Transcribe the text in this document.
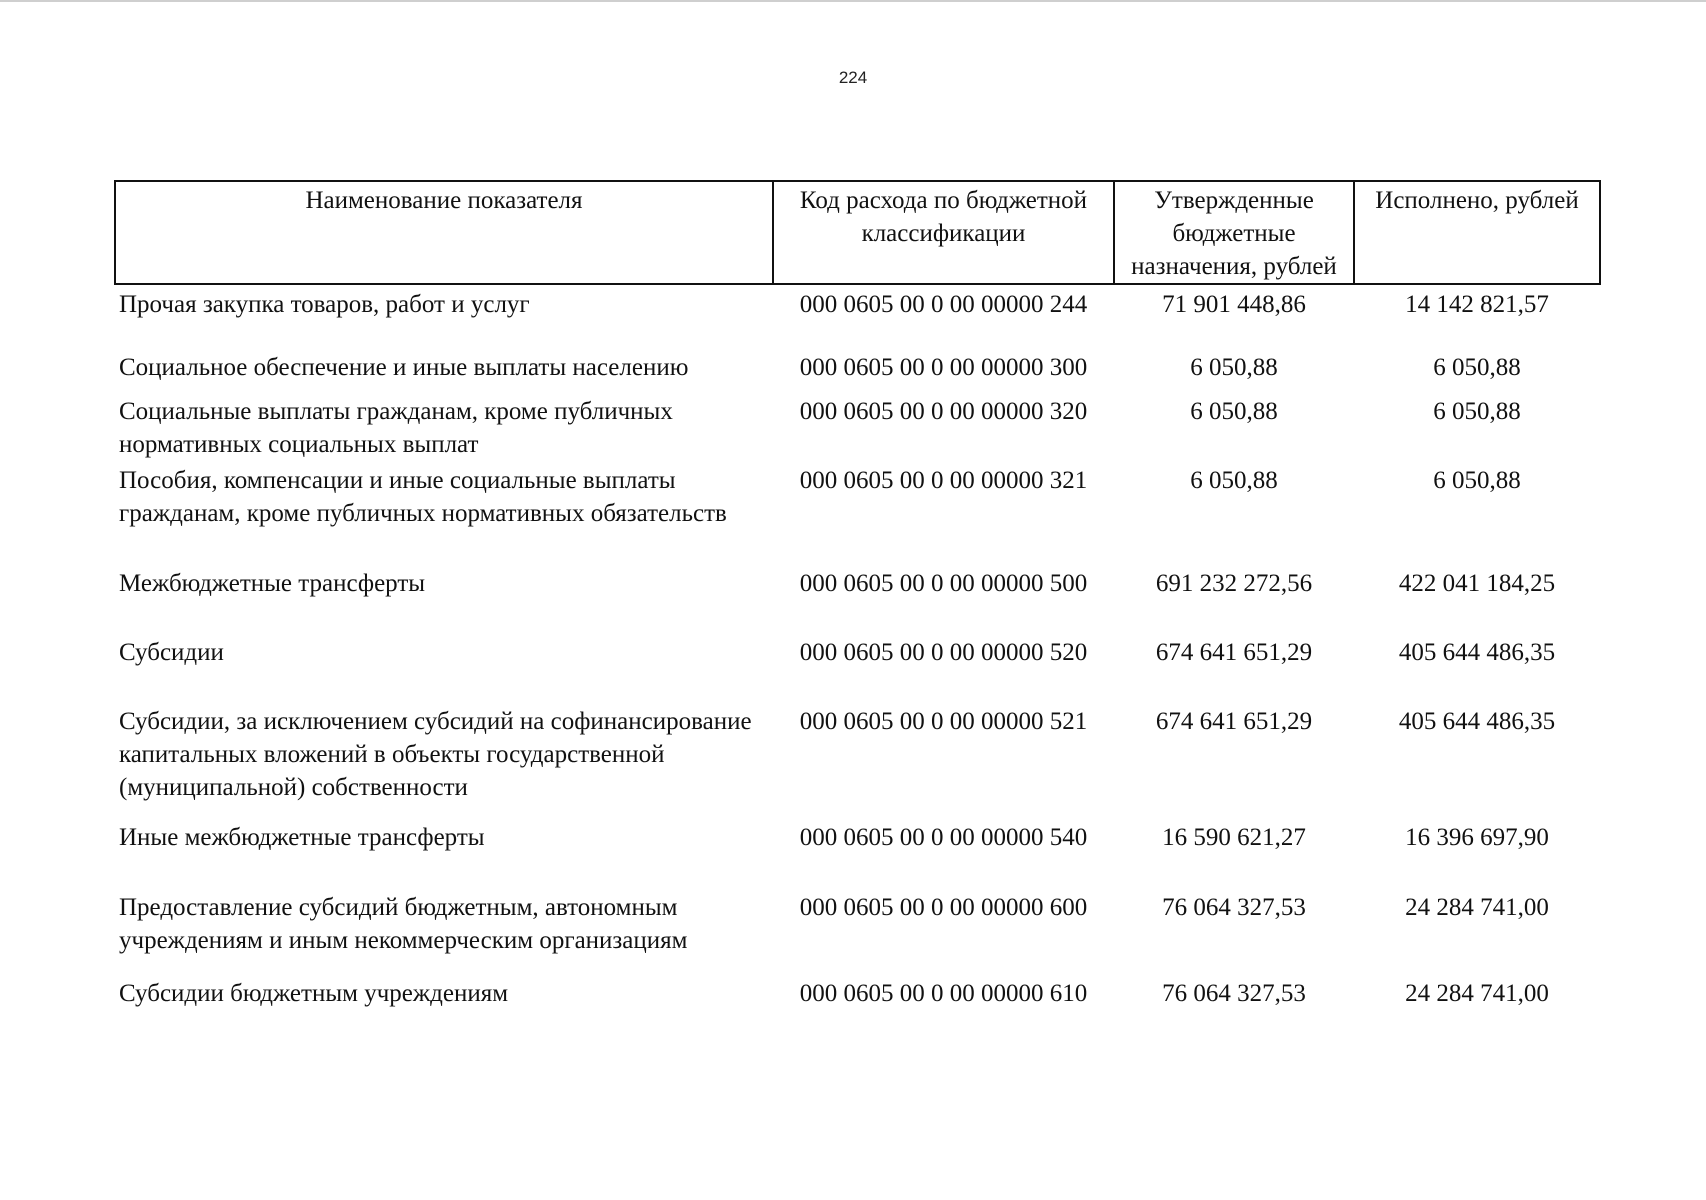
224
Наименование показателя	Код расхода по бюджетной классификации	Утвержденные бюджетные назначения, рублей	Исполнено, рублей
Прочая закупка товаров, работ и услуг	000 0605 00 0 00 00000 244	71 901 448,86	14 142 821,57
Социальное обеспечение и иные выплаты населению	000 0605 00 0 00 00000 300	6 050,88	6 050,88
Социальные выплаты гражданам, кроме публичных нормативных социальных выплат	000 0605 00 0 00 00000 320	6 050,88	6 050,88
Пособия, компенсации и иные социальные выплаты гражданам, кроме публичных нормативных обязательств	000 0605 00 0 00 00000 321	6 050,88	6 050,88
Межбюджетные трансферты	000 0605 00 0 00 00000 500	691 232 272,56	422 041 184,25
Субсидии	000 0605 00 0 00 00000 520	674 641 651,29	405 644 486,35
Субсидии, за исключением субсидий на софинансирование капитальных вложений в объекты государственной (муниципальной) собственности	000 0605 00 0 00 00000 521	674 641 651,29	405 644 486,35
Иные межбюджетные трансферты	000 0605 00 0 00 00000 540	16 590 621,27	16 396 697,90
Предоставление субсидий бюджетным, автономным учреждениям и иным некоммерческим организациям	000 0605 00 0 00 00000 600	76 064 327,53	24 284 741,00
Субсидии бюджетным учреждениям	000 0605 00 0 00 00000 610	76 064 327,53	24 284 741,00
